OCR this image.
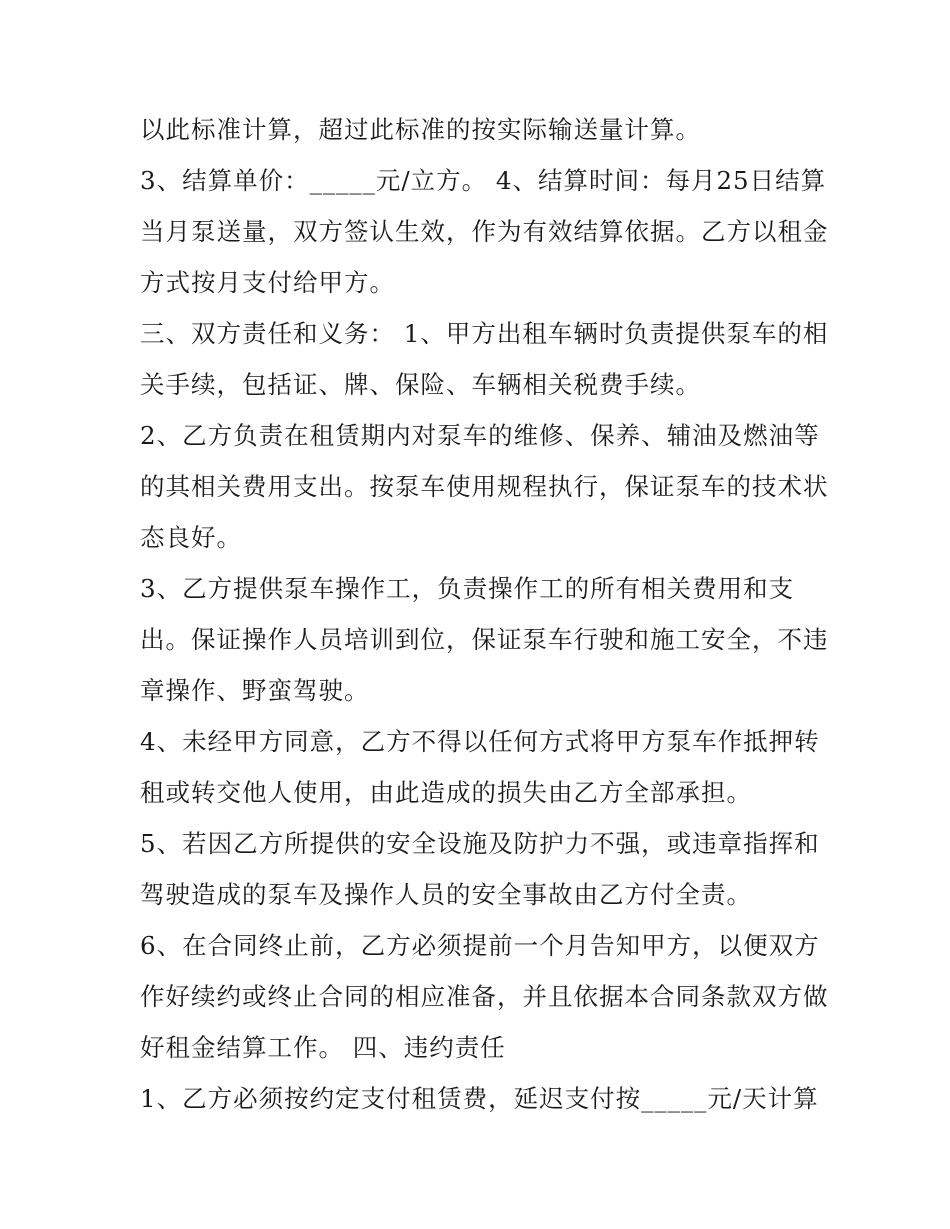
以此标准计算，超过此标准的按实际输送量计算。
3、结算单价：_____元/立方。 4、结算时间：每月25日结算
当月泵送量，双方签认生效，作为有效结算依据。乙方以租金
方式按月支付给甲方。
三、双方责任和义务： 1、甲方出租车辆时负责提供泵车的相
关手续，包括证、牌、保险、车辆相关税费手续。
2、乙方负责在租赁期内对泵车的维修、保养、辅油及燃油等
的其相关费用支出。按泵车使用规程执行，保证泵车的技术状
态良好。
3、乙方提供泵车操作工，负责操作工的所有相关费用和支
出。保证操作人员培训到位，保证泵车行驶和施工安全，不违
章操作、野蛮驾驶。
4、未经甲方同意，乙方不得以任何方式将甲方泵车作抵押转
租或转交他人使用，由此造成的损失由乙方全部承担。
5、若因乙方所提供的安全设施及防护力不强，或违章指挥和
驾驶造成的泵车及操作人员的安全事故由乙方付全责。
6、在合同终止前，乙方必须提前一个月告知甲方，以便双方
作好续约或终止合同的相应准备，并且依据本合同条款双方做
好租金结算工作。 四、违约责任
1、乙方必须按约定支付租赁费，延迟支付按_____元/天计算
